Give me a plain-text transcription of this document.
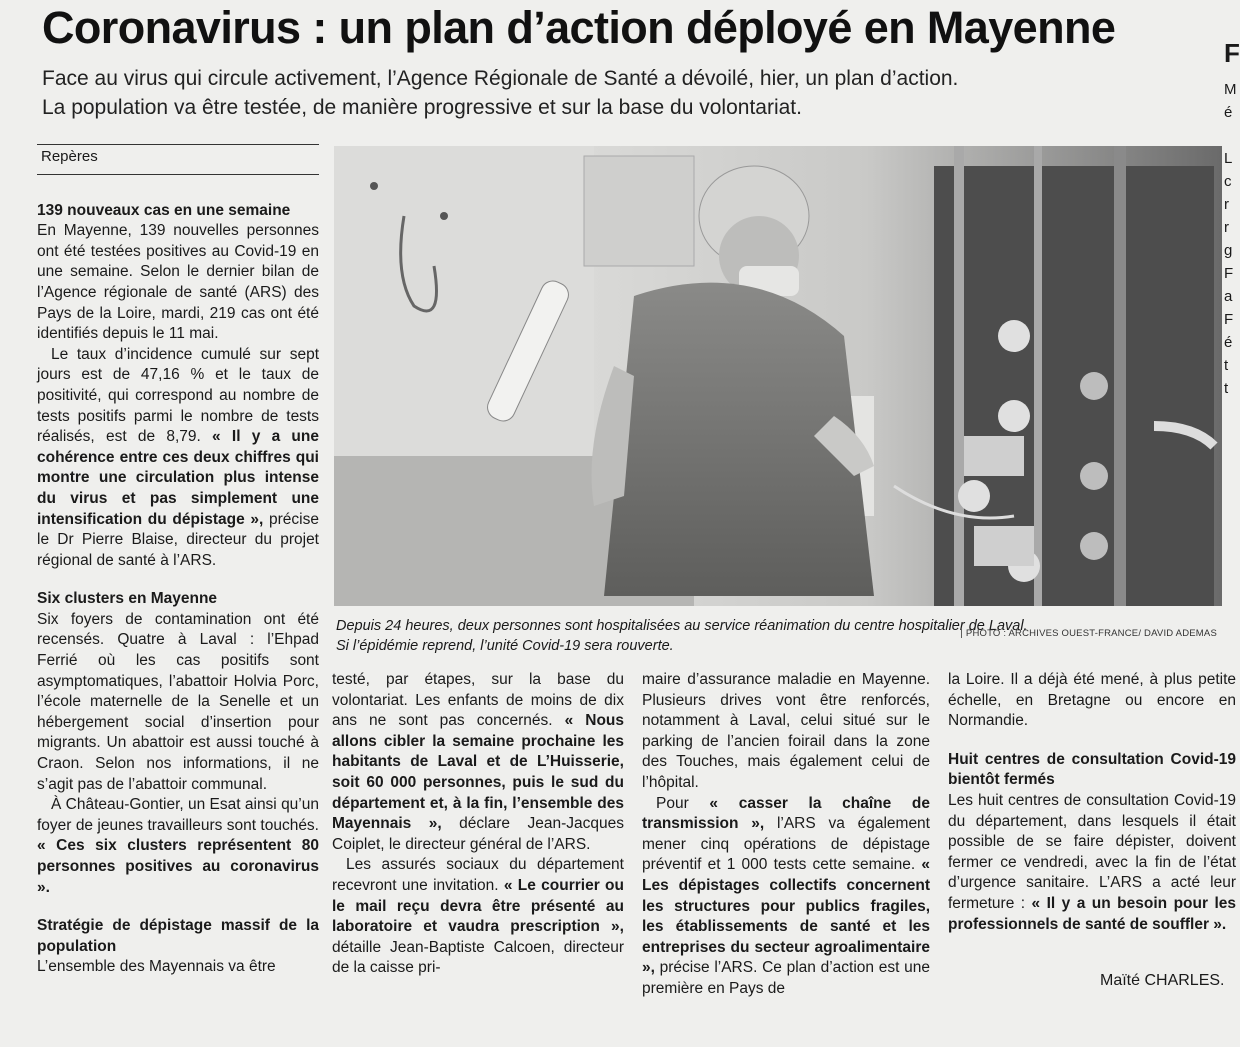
Coronavirus : un plan d’action déployé en Mayenne
Face au virus qui circule activement, l’Agence Régionale de Santé a dévoilé, hier, un plan d’action.
La population va être testée, de manière progressive et sur la base du volontariat.
F
M
é

L
c
r
r
g
F
a
F
é
t
t
Repères
139 nouveaux cas en une semaine

En Mayenne, 139 nouvelles personnes ont été testées positives au Covid-19 en une semaine. Selon le dernier bilan de l’Agence régionale de santé (ARS) des Pays de la Loire, mardi, 219 cas ont été identifiés depuis le 11 mai.

Le taux d’incidence cumulé sur sept jours est de 47,16 % et le taux de positivité, qui correspond au nombre de tests positifs parmi le nombre de tests réalisés, est de 8,79. « Il y a une cohérence entre ces deux chiffres qui montre une circulation plus intense du virus et pas simplement une intensification du dépistage », précise le Dr Pierre Blaise, directeur du projet régional de santé à l’ARS.

Six clusters en Mayenne

Six foyers de contamination ont été recensés. Quatre à Laval : l’Ehpad Ferrié où les cas positifs sont asymptomatiques, l’abattoir Holvia Porc, l’école maternelle de la Senelle et un hébergement social d’insertion pour migrants. Un abattoir est aussi touché à Craon. Selon nos informations, il ne s’agit pas de l’abattoir communal.

À Château-Gontier, un Esat ainsi qu’un foyer de jeunes travailleurs sont touchés. « Ces six clusters représentent 80 personnes positives au coronavirus ».

Stratégie de dépistage massif de la population

L’ensemble des Mayennais va être

Depuis 24 heures, deux personnes sont hospitalisées au service réanimation du centre hospitalier de Laval.
Si l’épidémie reprend, l’unité Covid-19 sera rouverte.
| PHOTO : ARCHIVES OUEST-FRANCE/ DAVID ADEMAS

testé, par étapes, sur la base du volontariat. Les enfants de moins de dix ans ne sont pas concernés. « Nous allons cibler la semaine prochaine les habitants de Laval et de L’Huisserie, soit 60 000 personnes, puis le sud du département et, à la fin, l’ensemble des Mayennais », déclare Jean-Jacques Coiplet, le directeur général de l’ARS.

Les assurés sociaux du département recevront une invitation. « Le courrier ou le mail reçu devra être présenté au laboratoire et vaudra prescription », détaille Jean-Baptiste Calcoen, directeur de la caisse pri-

maire d’assurance maladie en Mayenne. Plusieurs drives vont être renforcés, notamment à Laval, celui situé sur le parking de l’ancien foirail dans la zone des Touches, mais également celui de l’hôpital.

Pour « casser la chaîne de transmission », l’ARS va également mener cinq opérations de dépistage préventif et 1 000 tests cette semaine. « Les dépistages collectifs concernent les structures pour publics fragiles, les établissements de santé et les entreprises du secteur agroalimentaire », précise l’ARS. Ce plan d’action est une première en Pays de

la Loire. Il a déjà été mené, à plus petite échelle, en Bretagne ou encore en Normandie.

Huit centres de consultation Covid-19 bientôt fermés

Les huit centres de consultation Covid-19 du département, dans lesquels il était possible de se faire dépister, doivent fermer ce vendredi, avec la fin de l’état d’urgence sanitaire. L’ARS a acté leur fermeture : « Il y a un besoin pour les professionnels de santé de souffler ».

Maïté CHARLES.
